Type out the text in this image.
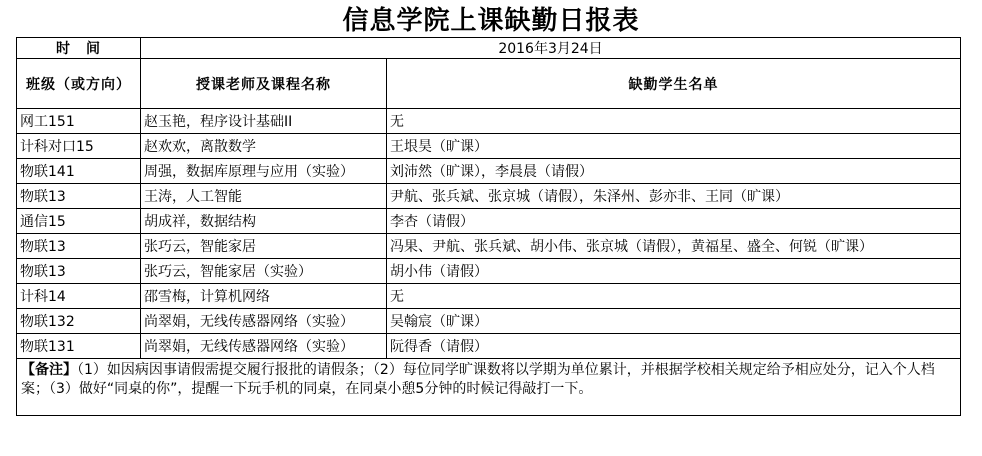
信息学院上课缺勤日报表
时　间	2016年3月24日	
班级（或方向）	授课老师及课程名称	缺勤学生名单
网工151	赵玉艳，程序设计基础II	无
计科对口15	赵欢欢，离散数学	王垠昊（旷课）
物联141	周强，数据库原理与应用（实验）	刘沛然（旷课），李晨晨（请假）
物联13	王涛，人工智能	尹航、张兵斌、张京城（请假），朱泽州、彭亦非、王同（旷课）
通信15	胡成祥，数据结构	李杏（请假）
物联13	张巧云，智能家居	冯果、尹航、张兵斌、胡小伟、张京城（请假），黄福星、盛全、何锐（旷课）
物联13	张巧云，智能家居（实验）	胡小伟（请假）
计科14	邵雪梅，计算机网络	无
物联132	尚翠娟，无线传感器网络（实验）	吴翰宸（旷课）
物联131	尚翠娟，无线传感器网络（实验）	阮得香（请假）
【备注】（1）如因病因事请假需提交履行报批的请假条；（2）每位同学旷课数将以学期为单位累计，并根据学校相关规定给予相应处分，记入个人档案；（3）做好“同桌的你”，提醒一下玩手机的同桌，在同桌小憩5分钟的时候记得敲打一下。		
